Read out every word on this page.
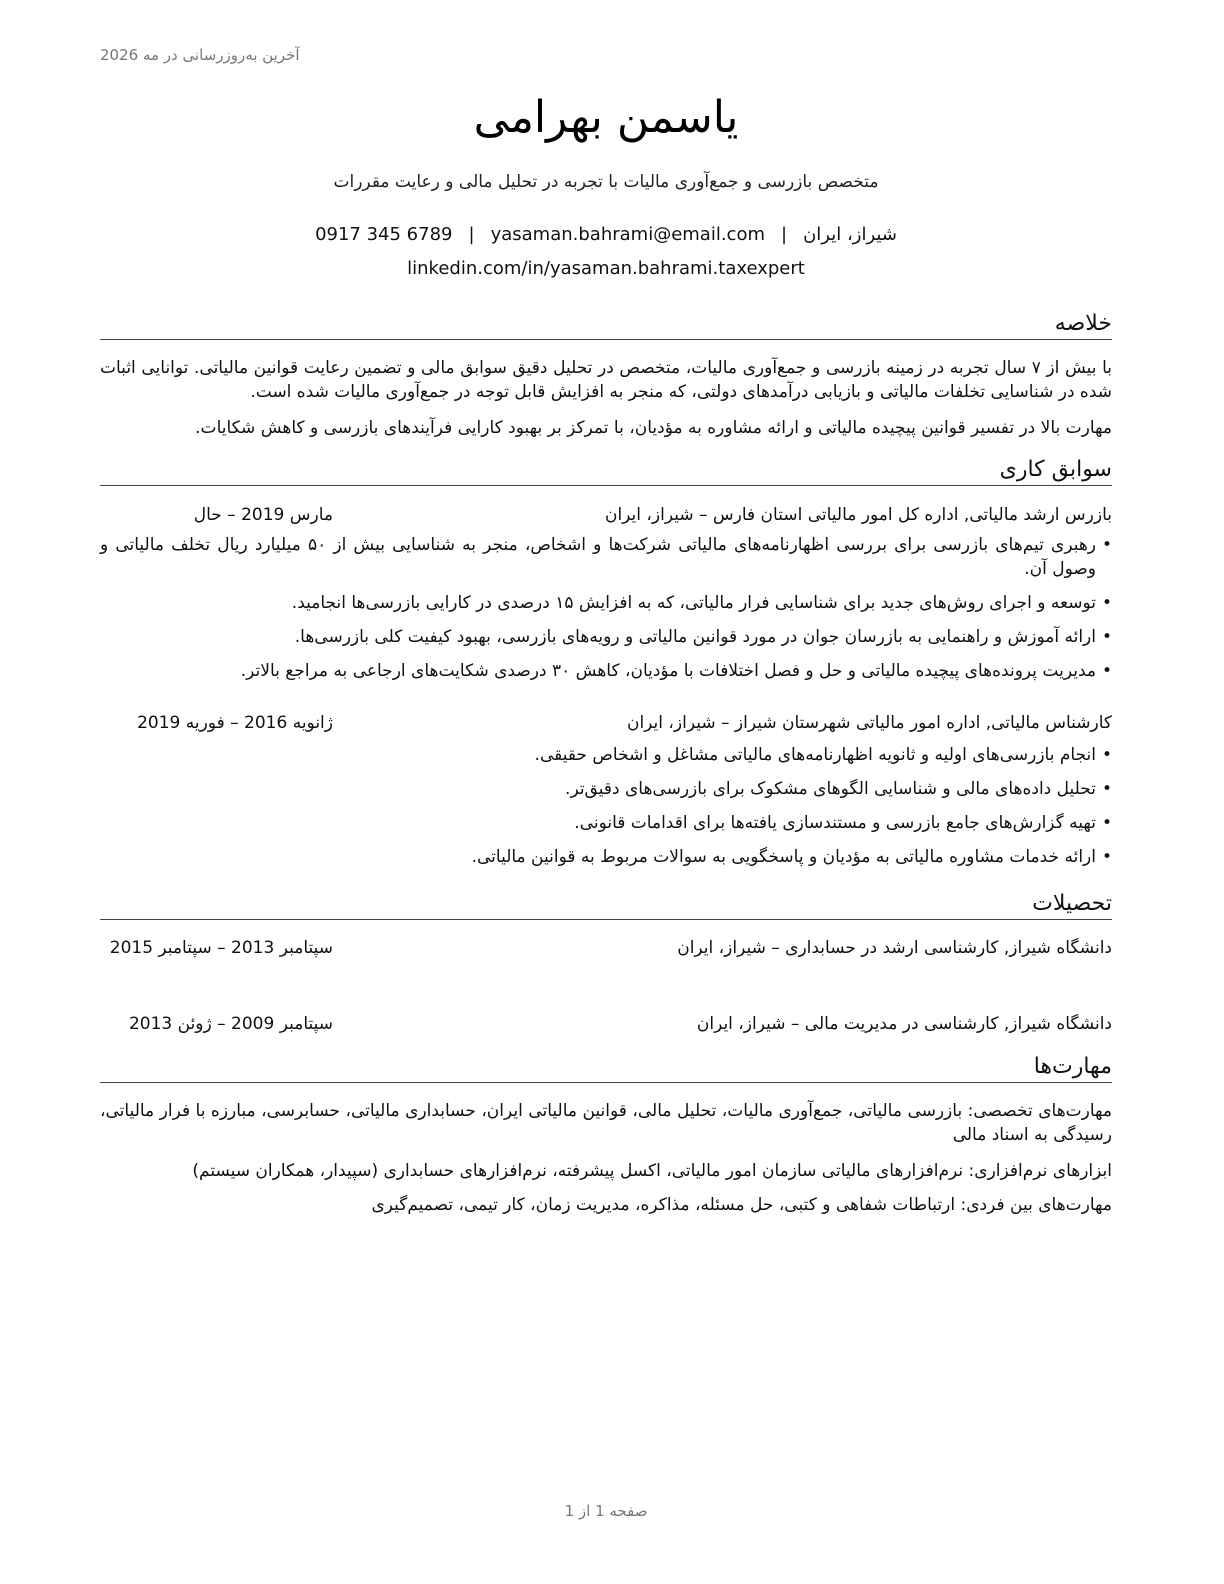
آخرین به‌روزرسانی در مه 2026
یاسمن بهرامی
متخصص بازرسی و جمع‌آوری مالیات با تجربه در تحلیل مالی و رعایت مقررات
شیراز، ایران|yasaman.bahrami@email.com|0917 345 6789
linkedin.com/in/yasaman.bahrami.taxexpert
خلاصه
با بیش از ۷ سال تجربه در زمینه بازرسی و جمع‌آوری مالیات، متخصص در تحلیل دقیق سوابق مالی و تضمین رعایت قوانین مالیاتی. توانایی اثبات شده در شناسایی تخلفات مالیاتی و بازیابی درآمدهای دولتی، که منجر به افزایش قابل توجه در جمع‌آوری مالیات شده است.
مهارت بالا در تفسیر قوانین پیچیده مالیاتی و ارائه مشاوره به مؤدیان، با تمرکز بر بهبود کارایی فرآیندهای بازرسی و کاهش شکایات.
سوابق کاری
بازرس ارشد مالیاتی, اداره کل امور مالیاتی استان فارس – شیراز، ایران
مارس 2019 – حال
• رهبری تیم‌های بازرسی برای بررسی اظهارنامه‌های مالیاتی شرکت‌ها و اشخاص، منجر به شناسایی بیش از ۵۰ میلیارد ریال تخلف مالیاتی و وصول آن.
• توسعه و اجرای روش‌های جدید برای شناسایی فرار مالیاتی، که به افزایش ۱۵ درصدی در کارایی بازرسی‌ها انجامید.
• ارائه آموزش و راهنمایی به بازرسان جوان در مورد قوانین مالیاتی و رویه‌های بازرسی، بهبود کیفیت کلی بازرسی‌ها.
• مدیریت پرونده‌های پیچیده مالیاتی و حل و فصل اختلافات با مؤدیان، کاهش ۳۰ درصدی شکایت‌های ارجاعی به مراجع بالاتر.
کارشناس مالیاتی, اداره امور مالیاتی شهرستان شیراز – شیراز، ایران
ژانویه 2016 – فوریه 2019
• انجام بازرسی‌های اولیه و ثانویه اظهارنامه‌های مالیاتی مشاغل و اشخاص حقیقی.
• تحلیل داده‌های مالی و شناسایی الگوهای مشکوک برای بازرسی‌های دقیق‌تر.
• تهیه گزارش‌های جامع بازرسی و مستندسازی یافته‌ها برای اقدامات قانونی.
• ارائه خدمات مشاوره مالیاتی به مؤدیان و پاسخگویی به سوالات مربوط به قوانین مالیاتی.
تحصیلات
دانشگاه شیراز, کارشناسی ارشد در حسابداری – شیراز، ایران
سپتامبر 2013 – سپتامبر 2015
دانشگاه شیراز, کارشناسی در مدیریت مالی – شیراز، ایران
سپتامبر 2009 – ژوئن 2013
مهارت‌ها
مهارت‌های تخصصی: بازرسی مالیاتی، جمع‌آوری مالیات، تحلیل مالی، قوانین مالیاتی ایران، حسابداری مالیاتی، حسابرسی، مبارزه با فرار مالیاتی، رسیدگی به اسناد مالی
ابزارهای نرم‌افزاری: نرم‌افزارهای مالیاتی سازمان امور مالیاتی، اکسل پیشرفته، نرم‌افزارهای حسابداری (سپیدار، همکاران سیستم)
مهارت‌های بین فردی: ارتباطات شفاهی و کتبی، حل مسئله، مذاکره، مدیریت زمان، کار تیمی، تصمیم‌گیری
صفحه 1 از 1
